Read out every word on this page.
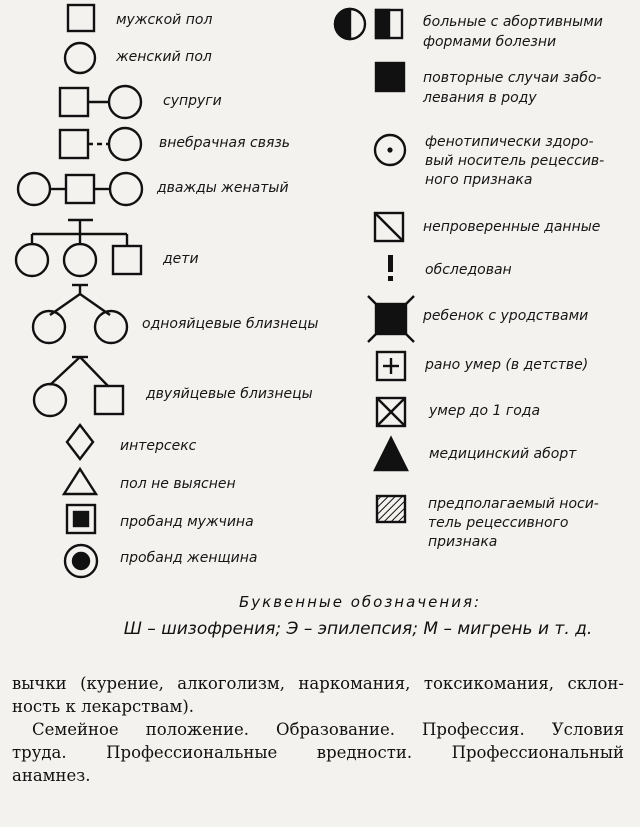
мужской пол
женский пол
супруги
внебрачная связь
дважды женатый
дети
однояйцевые близнецы
двуяйцевые близнецы
интерсекс
пол не выяснен
пробанд мужчина
пробанд женщина
больные с абортивными
формами болезни
повторные случаи забо-
левания в роду
фенотипически здоро-
вый носитель рецессив-
ного признака
непроверенные данные
обследован
ребенок с уродствами
рано умер (в детстве)
умер до 1 года
медицинский аборт
предполагаемый носи-
тель рецессивного
признака
Буквенные обозначения:
Ш – шизофрения; Э – эпилепсия; М – мигрень и т. д.

вычки (курение, алкоголизм, наркомания, токсикомания, склон-

ность к лекарствам).

Семейное положение. Образование. Профессия. Условия

труда. Профессиональные вредности. Профессиональный

анамнез.
